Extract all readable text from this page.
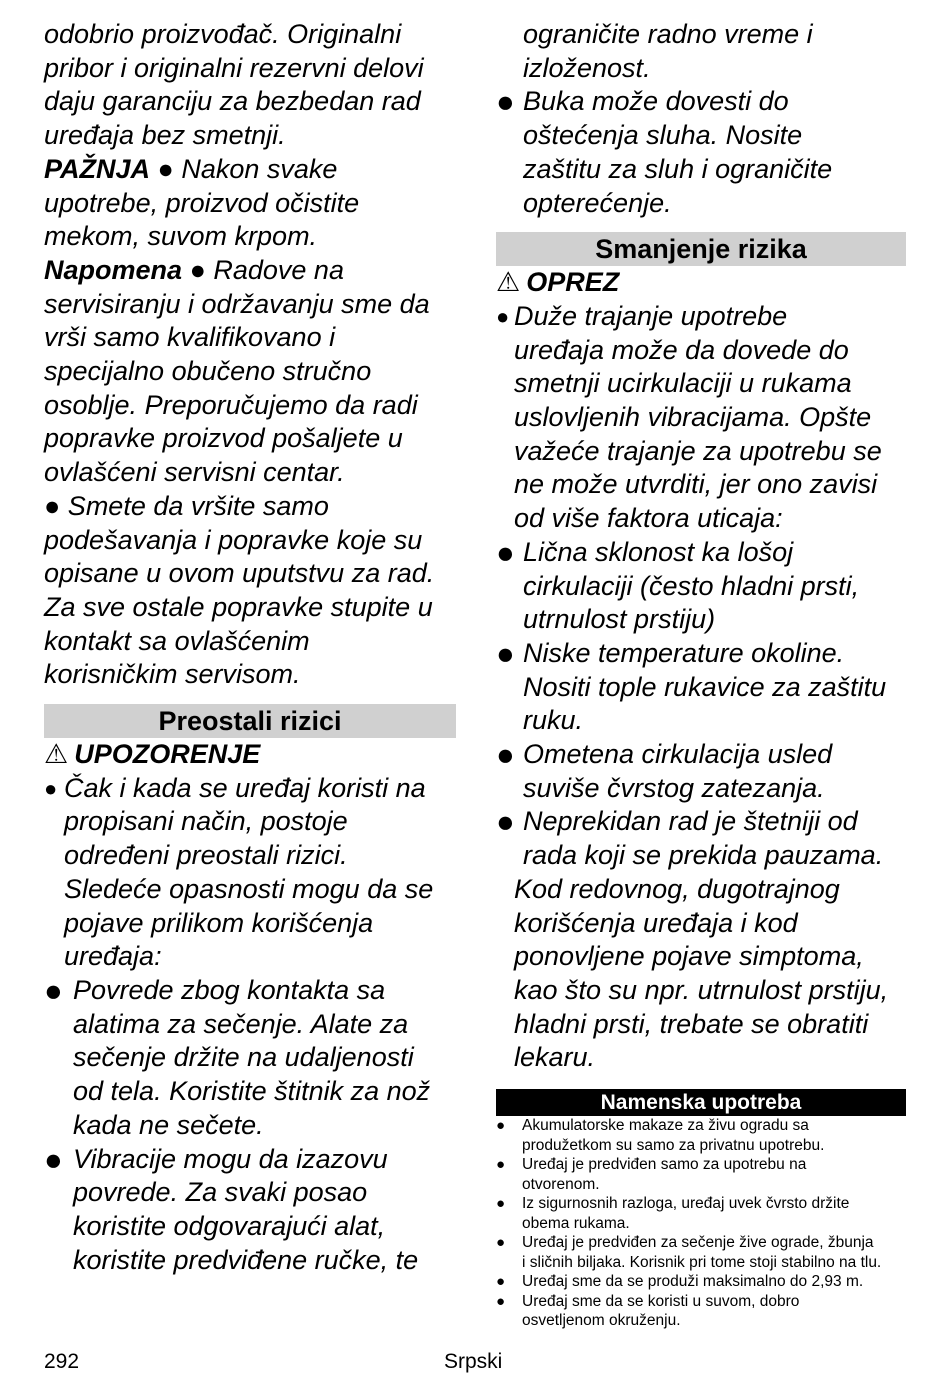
odobrio proizvođač. Originalni

pribor i originalni rezervni delovi

daju garanciju za bezbedan rad

uređaja bez smetnji.

PAŽNJA ● Nakon svake

upotrebe, proizvod očistite

mekom, suvom krpom.

Napomena ● Radove na

servisiranju i održavanju sme da

vrši samo kvalifikovano i

specijalno obučeno stručno

osoblje. Preporučujemo da radi

popravke proizvod pošaljete u

ovlašćeni servisni centar.

● Smete da vršite samo

podešavanja i popravke koje su

opisane u ovom uputstvu za rad.

Za sve ostale popravke stupite u

kontakt sa ovlašćenim

korisničkim servisom.

Preostali rizici
⚠ UPOZORENJE
● Čak i kada se uređaj koristi na

propisani način, postoje

određeni preostali rizici.

Sledeće opasnosti mogu da se

pojave prilikom korišćenja

uređaja:

● Povrede zbog kontakta sa

alatima za sečenje. Alate za

sečenje držite na udaljenosti

od tela. Koristite štitnik za nož

kada ne sečete.

● Vibracije mogu da izazovu

povrede. Za svaki posao

koristite odgovarajući alat,

koristite predviđene ručke, te

ograničite radno vreme i

izloženost.

● Buka može dovesti do

oštećenja sluha. Nosite

zaštitu za sluh i ograničite

opterećenje.

Smanjenje rizika
⚠ OPREZ
● Duže trajanje upotrebe

uređaja može da dovede do

smetnji ucirkulaciji u rukama

uslovljenih vibracijama. Opšte

važeće trajanje za upotrebu se

ne može utvrditi, jer ono zavisi

od više faktora uticaja:

● Lična sklonost ka lošoj

cirkulaciji (često hladni prsti,

utrnulost prstiju)

● Niske temperature okoline.

Nositi tople rukavice za zaštitu

ruku.

● Ometena cirkulacija usled

suviše čvrstog zatezanja.

● Neprekidan rad je štetniji od

rada koji se prekida pauzama.

Kod redovnog, dugotrajnog

korišćenja uređaja i kod

ponovljene pojave simptoma,

kao što su npr. utrnulost prstiju,

hladni prsti, trebate se obratiti

lekaru.

Namenska upotreba
● Akumulatorske makaze za živu ogradu sa

produžetkom su samo za privatnu upotrebu.

● Uređaj je predviđen samo za upotrebu na

otvorenom.

● Iz sigurnosnih razloga, uređaj uvek čvrsto držite

obema rukama.

● Uređaj je predviđen za sečenje žive ograde, žbunja

i sličnih biljaka. Korisnik pri tome stoji stabilno na tlu.

● Uređaj sme da se produži maksimalno do 2,93 m.

● Uređaj sme da se koristi u suvom, dobro

osvetljenom okruženju.

292	Srpski
